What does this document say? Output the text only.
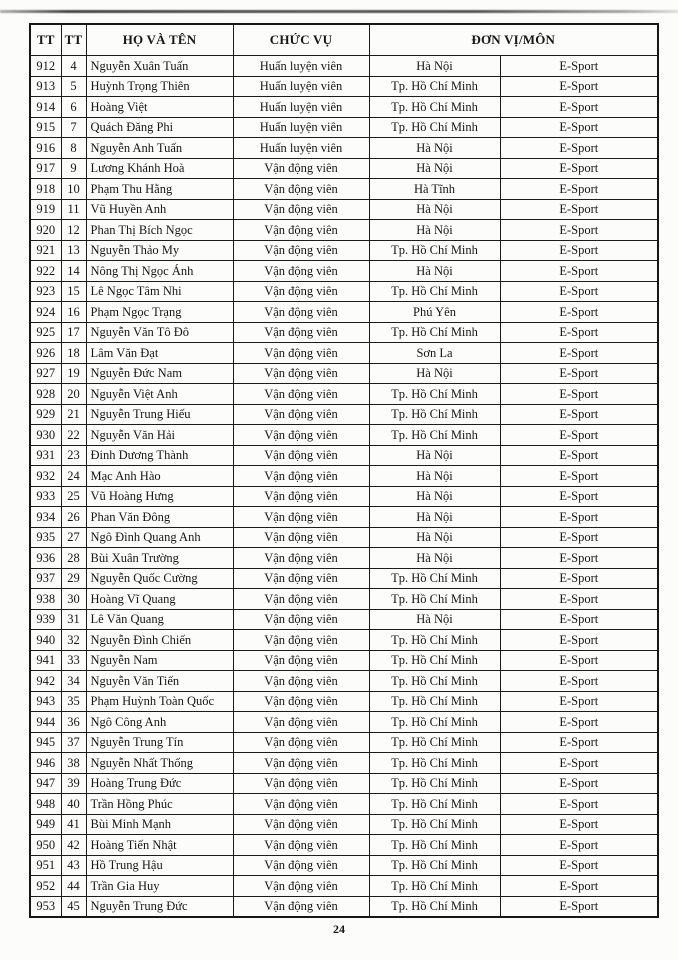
TT	TT	HỌ VÀ TÊN	CHỨC VỤ	ĐƠN VỊ/MÔN	
912	4	Nguyễn Xuân Tuấn	Huấn luyện viên	Hà Nội	E-Sport
913	5	Huỳnh Trọng Thiên	Huấn luyện viên	Tp. Hồ Chí Minh	E-Sport
914	6	Hoàng Việt	Huấn luyện viên	Tp. Hồ Chí Minh	E-Sport
915	7	Quách Đăng Phi	Huấn luyện viên	Tp. Hồ Chí Minh	E-Sport
916	8	Nguyễn Anh Tuấn	Huấn luyện viên	Hà Nội	E-Sport
917	9	Lương Khánh Hoà	Vận động viên	Hà Nội	E-Sport
918	10	Phạm Thu Hằng	Vận động viên	Hà Tĩnh	E-Sport
919	11	Vũ Huyền Anh	Vận động viên	Hà Nội	E-Sport
920	12	Phan Thị Bích Ngọc	Vận động viên	Hà Nội	E-Sport
921	13	Nguyễn Thảo My	Vận động viên	Tp. Hồ Chí Minh	E-Sport
922	14	Nông Thị Ngọc Ánh	Vận động viên	Hà Nội	E-Sport
923	15	Lê Ngọc Tâm Nhi	Vận động viên	Tp. Hồ Chí Minh	E-Sport
924	16	Phạm Ngọc Trạng	Vận động viên	Phú Yên	E-Sport
925	17	Nguyễn Văn Tô Đô	Vận động viên	Tp. Hồ Chí Minh	E-Sport
926	18	Lâm Văn Đạt	Vận động viên	Sơn La	E-Sport
927	19	Nguyễn Đức Nam	Vận động viên	Hà Nội	E-Sport
928	20	Nguyễn Việt Anh	Vận động viên	Tp. Hồ Chí Minh	E-Sport
929	21	Nguyễn Trung Hiếu	Vận động viên	Tp. Hồ Chí Minh	E-Sport
930	22	Nguyễn Văn Hải	Vận động viên	Tp. Hồ Chí Minh	E-Sport
931	23	Đinh Dương Thành	Vận động viên	Hà Nội	E-Sport
932	24	Mạc Anh Hào	Vận động viên	Hà Nội	E-Sport
933	25	Vũ Hoàng Hưng	Vận động viên	Hà Nội	E-Sport
934	26	Phan Văn Đông	Vận động viên	Hà Nội	E-Sport
935	27	Ngô Đình Quang Anh	Vận động viên	Hà Nội	E-Sport
936	28	Bùi Xuân Trường	Vận động viên	Hà Nội	E-Sport
937	29	Nguyễn Quốc Cường	Vận động viên	Tp. Hồ Chí Minh	E-Sport
938	30	Hoàng Vĩ Quang	Vận động viên	Tp. Hồ Chí Minh	E-Sport
939	31	Lê Văn Quang	Vận động viên	Hà Nội	E-Sport
940	32	Nguyễn Đình Chiến	Vận động viên	Tp. Hồ Chí Minh	E-Sport
941	33	Nguyễn Nam	Vận động viên	Tp. Hồ Chí Minh	E-Sport
942	34	Nguyễn Văn Tiến	Vận động viên	Tp. Hồ Chí Minh	E-Sport
943	35	Phạm Huỳnh Toàn Quốc	Vận động viên	Tp. Hồ Chí Minh	E-Sport
944	36	Ngô Công Anh	Vận động viên	Tp. Hồ Chí Minh	E-Sport
945	37	Nguyễn Trung Tín	Vận động viên	Tp. Hồ Chí Minh	E-Sport
946	38	Nguyễn Nhất Thống	Vận động viên	Tp. Hồ Chí Minh	E-Sport
947	39	Hoàng Trung Đức	Vận động viên	Tp. Hồ Chí Minh	E-Sport
948	40	Trần Hồng Phúc	Vận động viên	Tp. Hồ Chí Minh	E-Sport
949	41	Bùi Minh Mạnh	Vận động viên	Tp. Hồ Chí Minh	E-Sport
950	42	Hoàng Tiến Nhật	Vận động viên	Tp. Hồ Chí Minh	E-Sport
951	43	Hồ Trung Hậu	Vận động viên	Tp. Hồ Chí Minh	E-Sport
952	44	Trần Gia Huy	Vận động viên	Tp. Hồ Chí Minh	E-Sport
953	45	Nguyễn Trung Đức	Vận động viên	Tp. Hồ Chí Minh	E-Sport
24
